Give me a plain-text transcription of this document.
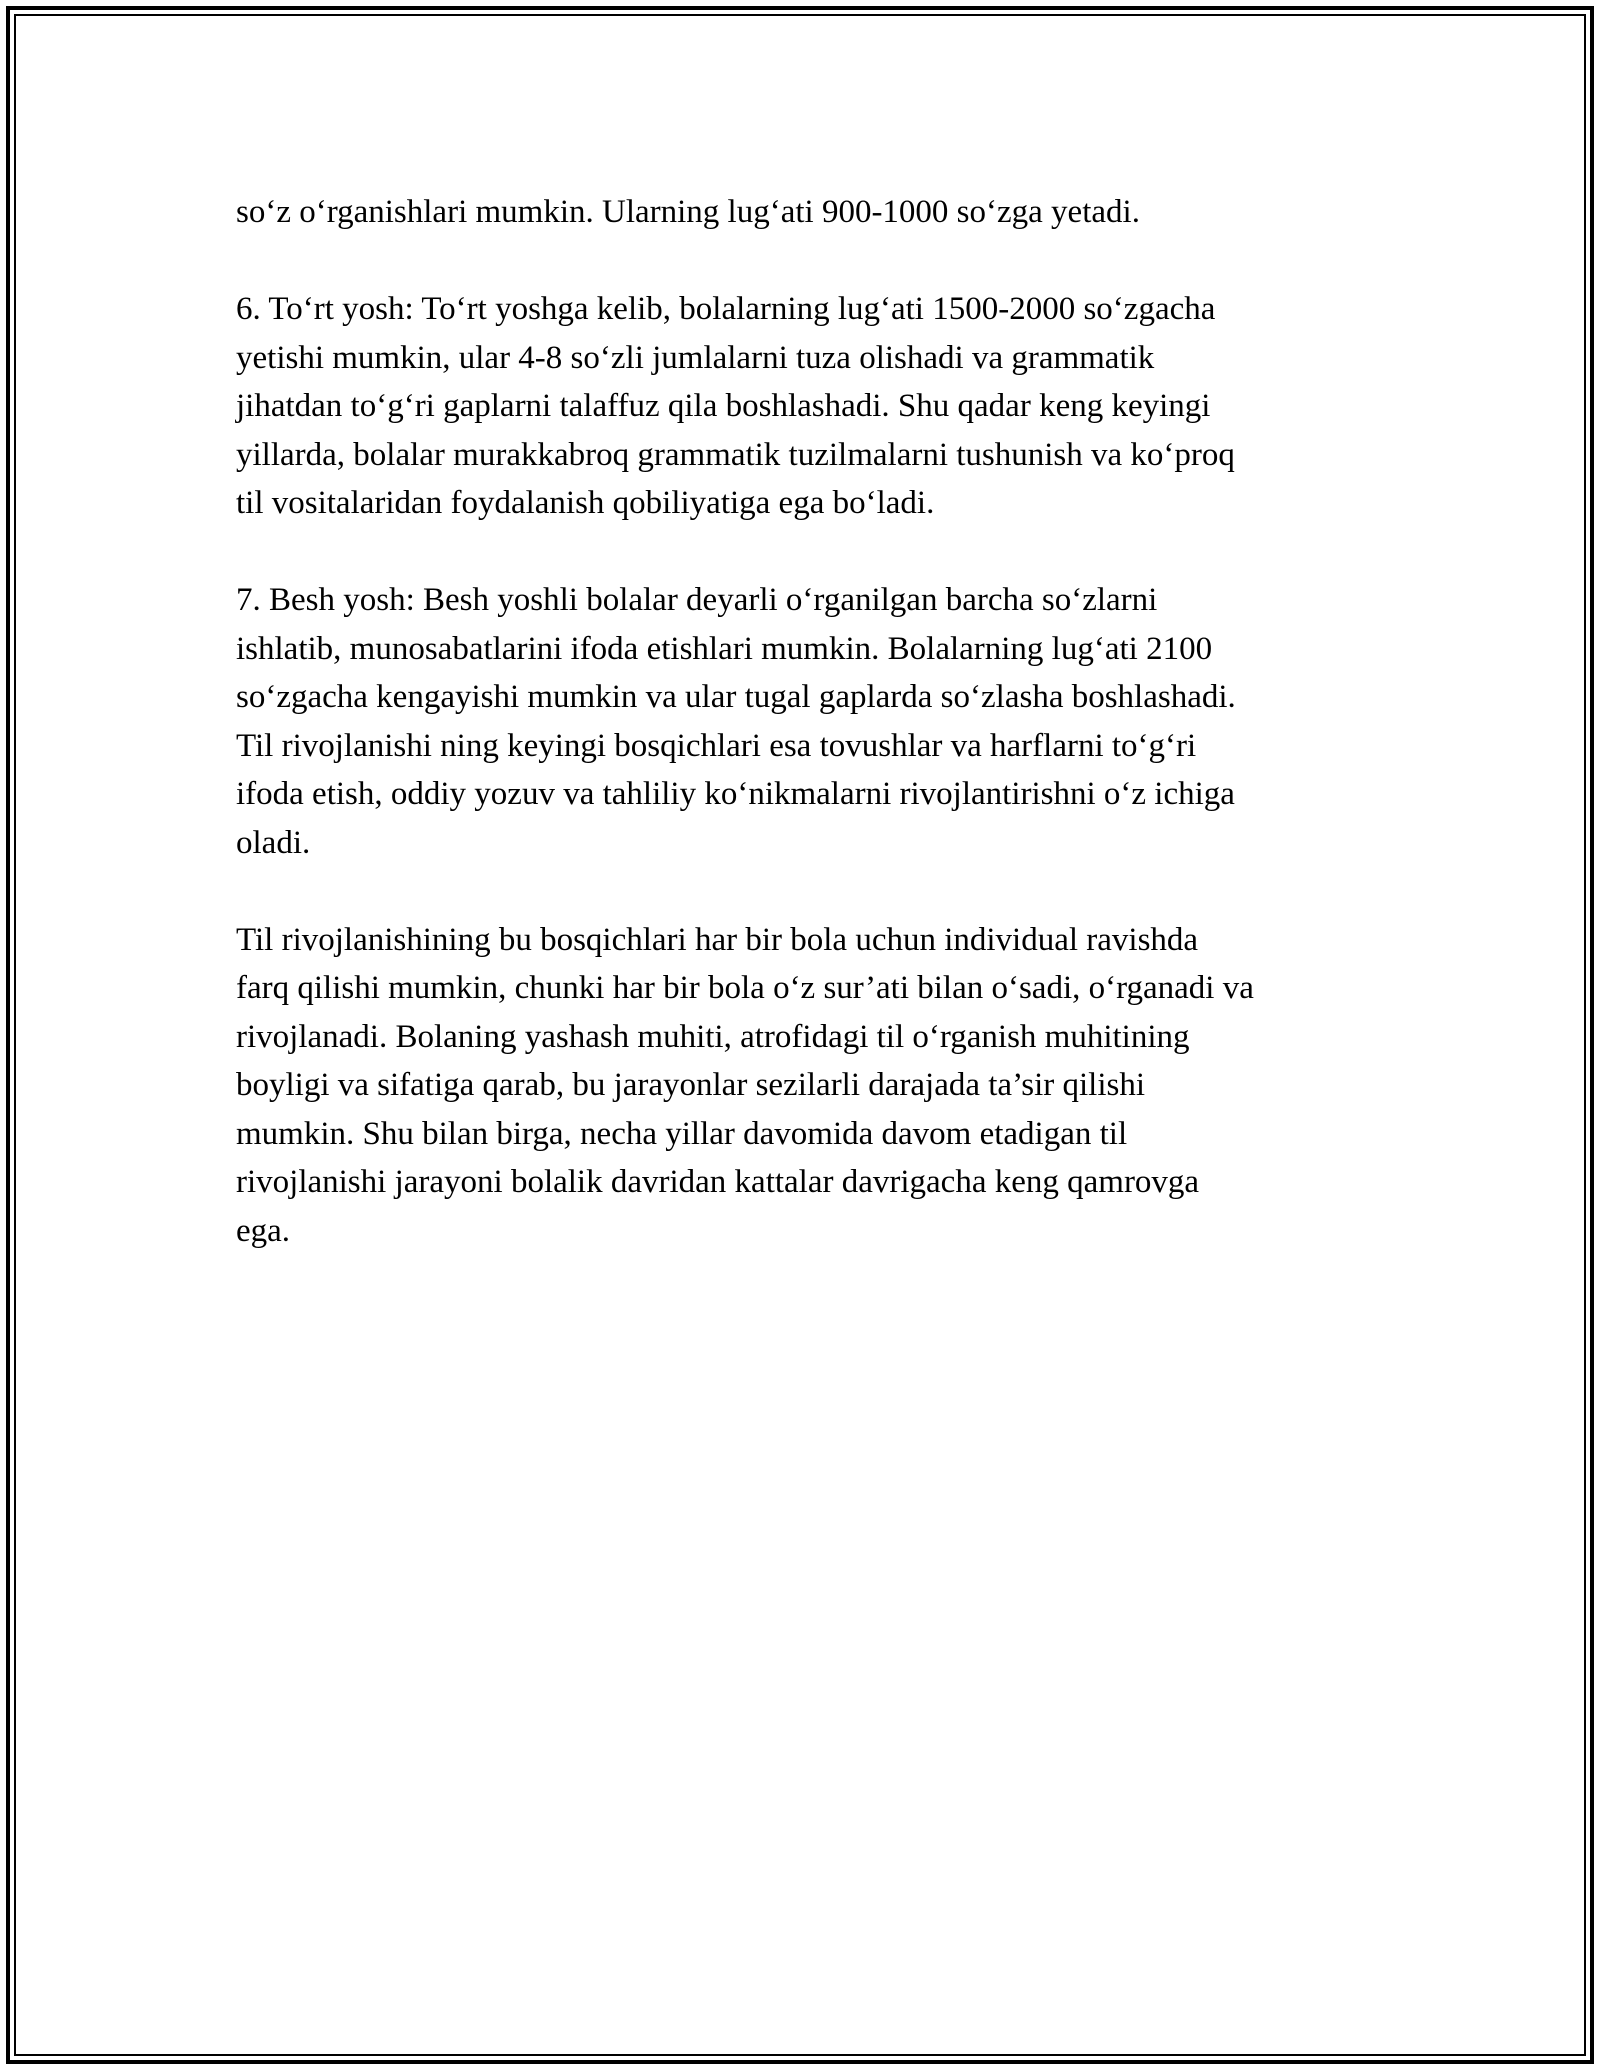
so‘z o‘rganishlari mumkin. Ularning lug‘ati 900-1000 so‘zga yetadi.

6. To‘rt yosh: To‘rt yoshga kelib, bolalarning lug‘ati 1500-2000 so‘zgacha
yetishi mumkin, ular 4-8 so‘zli jumlalarni tuza olishadi va grammatik
jihatdan to‘g‘ri gaplarni talaffuz qila boshlashadi. Shu qadar keng keyingi
yillarda, bolalar murakkabroq grammatik tuzilmalarni tushunish va ko‘proq
til vositalaridan foydalanish qobiliyatiga ega bo‘ladi.

7. Besh yosh: Besh yoshli bolalar deyarli o‘rganilgan barcha so‘zlarni
ishlatib, munosabatlarini ifoda etishlari mumkin. Bolalarning lug‘ati 2100
so‘zgacha kengayishi mumkin va ular tugal gaplarda so‘zlasha boshlashadi.
Til rivojlanishi ning keyingi bosqichlari esa tovushlar va harflarni to‘g‘ri
ifoda etish, oddiy yozuv va tahliliy ko‘nikmalarni rivojlantirishni o‘z ichiga
oladi.

Til rivojlanishining bu bosqichlari har bir bola uchun individual ravishda
farq qilishi mumkin, chunki har bir bola o‘z sur’ati bilan o‘sadi, o‘rganadi va
rivojlanadi. Bolaning yashash muhiti, atrofidagi til o‘rganish muhitining
boyligi va sifatiga qarab, bu jarayonlar sezilarli darajada ta’sir qilishi
mumkin. Shu bilan birga, necha yillar davomida davom etadigan til
rivojlanishi jarayoni bolalik davridan kattalar davrigacha keng qamrovga
ega.
